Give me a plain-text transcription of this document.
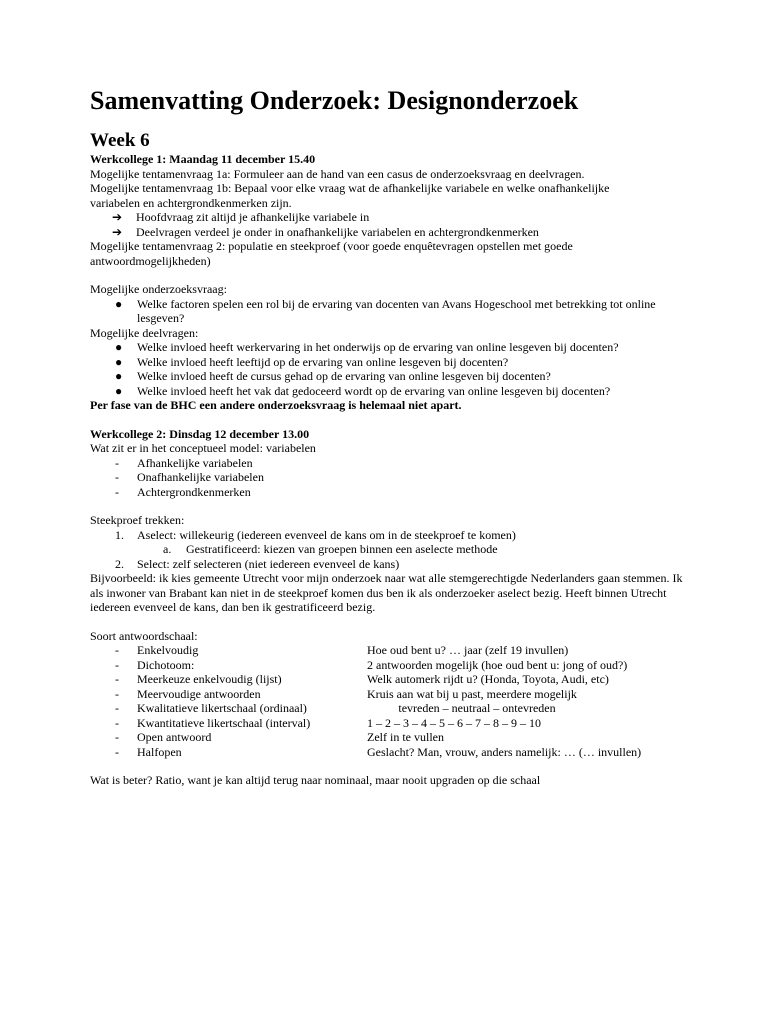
Samenvatting Onderzoek: Designonderzoek
Week 6
Werkcollege 1: Maandag 11 december 15.40
Mogelijke tentamenvraag 1a: Formuleer aan de hand van een casus de onderzoeksvraag en deelvragen.
Mogelijke tentamenvraag 1b: Bepaal voor elke vraag wat de afhankelijke variabele en welke onafhankelijke
variabelen en achtergrondkenmerken zijn.
➔ Hoofdvraag zit altijd je afhankelijke variabele in
➔ Deelvragen verdeel je onder in onafhankelijke variabelen en achtergrondkenmerken
Mogelijke tentamenvraag 2: populatie en steekproef (voor goede enquêtevragen opstellen met goede
antwoordmogelijkheden)
Mogelijke onderzoeksvraag:
● Welke factoren spelen een rol bij de ervaring van docenten van Avans Hogeschool met betrekking tot online lesgeven?
Mogelijke deelvragen:
● Welke invloed heeft werkervaring in het onderwijs op de ervaring van online lesgeven bij docenten?
● Welke invloed heeft leeftijd op de ervaring van online lesgeven bij docenten?
● Welke invloed heeft de cursus gehad op de ervaring van online lesgeven bij docenten?
● Welke invloed heeft het vak dat gedoceerd wordt op de ervaring van online lesgeven bij docenten?
Per fase van de BHC een andere onderzoeksvraag is helemaal niet apart.
Werkcollege 2: Dinsdag 12 december 13.00
Wat zit er in het conceptueel model: variabelen
- Afhankelijke variabelen
- Onafhankelijke variabelen
- Achtergrondkenmerken
Steekproef trekken:
1. Aselect: willekeurig (iedereen evenveel de kans om in de steekproef te komen)
a. Gestratificeerd: kiezen van groepen binnen een aselecte methode
2. Select: zelf selecteren (niet iedereen evenveel de kans)
Bijvoorbeeld: ik kies gemeente Utrecht voor mijn onderzoek naar wat alle stemgerechtigde Nederlanders gaan stemmen. Ik als inwoner van Brabant kan niet in de steekproef komen dus ben ik als onderzoeker aselect bezig. Heeft binnen Utrecht iedereen evenveel de kans, dan ben ik gestratificeerd bezig.
Soort antwoordschaal:
- Enkelvoudig	Hoe oud bent u? … jaar (zelf 19 invullen)
- Dichotoom:	2 antwoorden mogelijk (hoe oud bent u: jong of oud?)
- Meerkeuze enkelvoudig (lijst)	Welk automerk rijdt u? (Honda, Toyota, Audi, etc)
- Meervoudige antwoorden	Kruis aan wat bij u past, meerdere mogelijk
- Kwalitatieve likertschaal (ordinaal)	tevreden – neutraal – ontevreden
- Kwantitatieve likertschaal (interval)	1 – 2 – 3 – 4 – 5 – 6 – 7 – 8 – 9 – 10
- Open antwoord	Zelf in te vullen
- Halfopen	Geslacht? Man, vrouw, anders namelijk: … (… invullen)
Wat is beter? Ratio, want je kan altijd terug naar nominaal, maar nooit upgraden op die schaal
